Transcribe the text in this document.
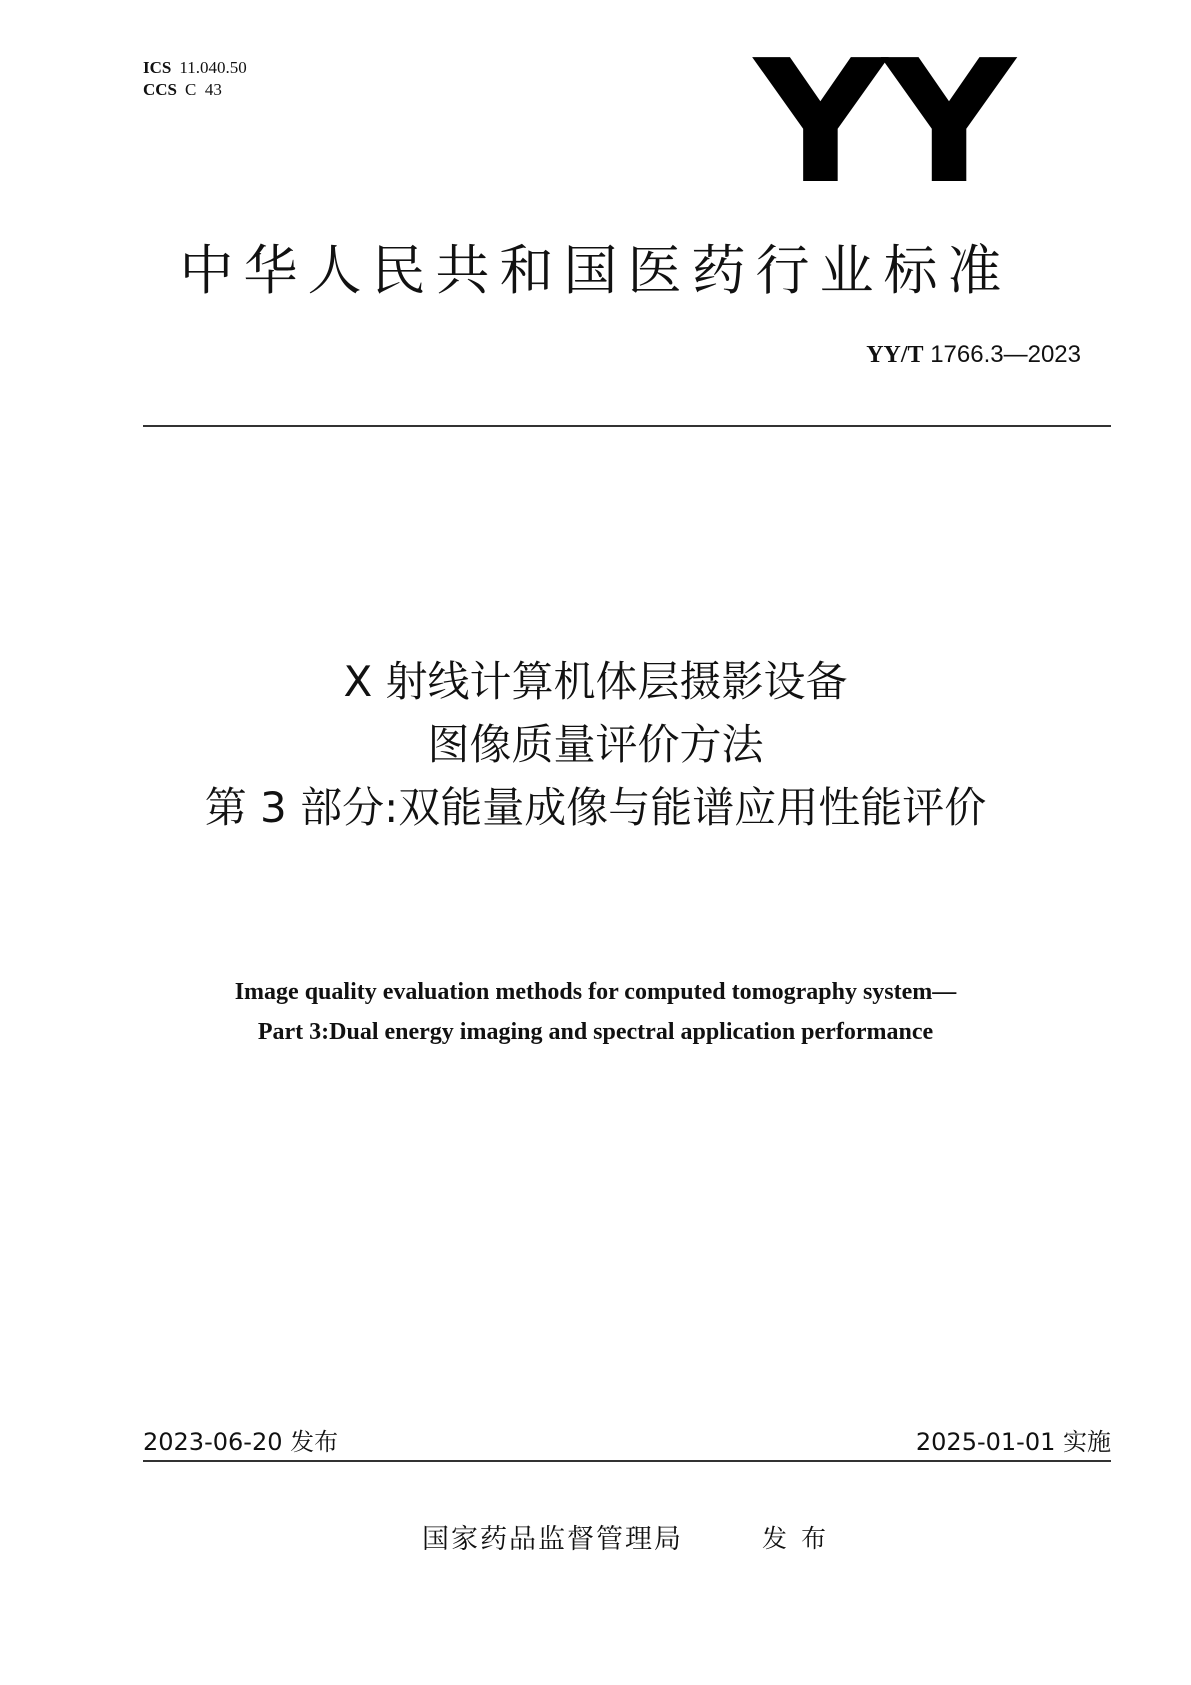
ICS 11.040.50
CCS C  43	YY
中华人民共和国医药行业标准
YY/T 1766.3—2023
X 射线计算机体层摄影设备
图像质量评价方法
第 3 部分:双能量成像与能谱应用性能评价
Image quality evaluation methods for computed tomography system—
Part 3:Dual energy imaging and spectral application performance
2023-06-20 发布	2025-01-01 实施
国家药品监督管理局	发布
